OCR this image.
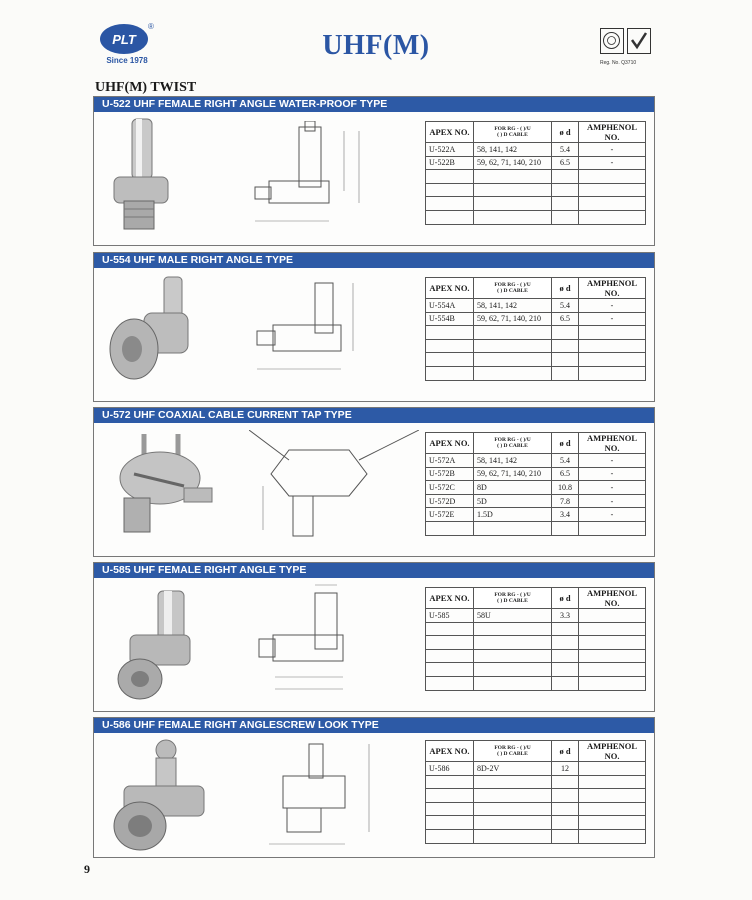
PLT
®
Since 1978	UHF(M)
Reg. No. Q3710
UHF(M) TWIST
U-522 UHF FEMALE RIGHT ANGLE WATER-PROOF TYPE
APEX NO.	FOR RG - ( )/U
( ) D CABLE	ø d	AMPHENOL NO.
U-522A	58, 141, 142	5.4	-
U-522B	59, 62, 71, 140, 210	6.5	-

U-554 UHF MALE RIGHT ANGLE TYPE
APEX NO.	FOR RG - ( )/U
( ) D CABLE	ø d	AMPHENOL NO.
U-554A	58, 141, 142	5.4	-
U-554B	59, 62, 71, 140, 210	6.5	-

U-572 UHF COAXIAL CABLE CURRENT TAP TYPE
APEX NO.	FOR RG - ( )/U
( ) D CABLE	ø d	AMPHENOL NO.
U-572A	58, 141, 142	5.4	-
U-572B	59, 62, 71, 140, 210	6.5	-
U-572C	8D	10.8	-
U-572D	5D	7.8	-
U-572E	1.5D	3.4	-

U-585 UHF FEMALE RIGHT ANGLE TYPE
APEX NO.	FOR RG - ( )/U
( ) D CABLE	ø d	AMPHENOL NO.
U-585	58U	3.3	

U-586 UHF FEMALE RIGHT ANGLESCREW LOOK TYPE
APEX NO.	FOR RG - ( )/U
( ) D CABLE	ø d	AMPHENOL NO.
U-586	8D-2V	12	

9
